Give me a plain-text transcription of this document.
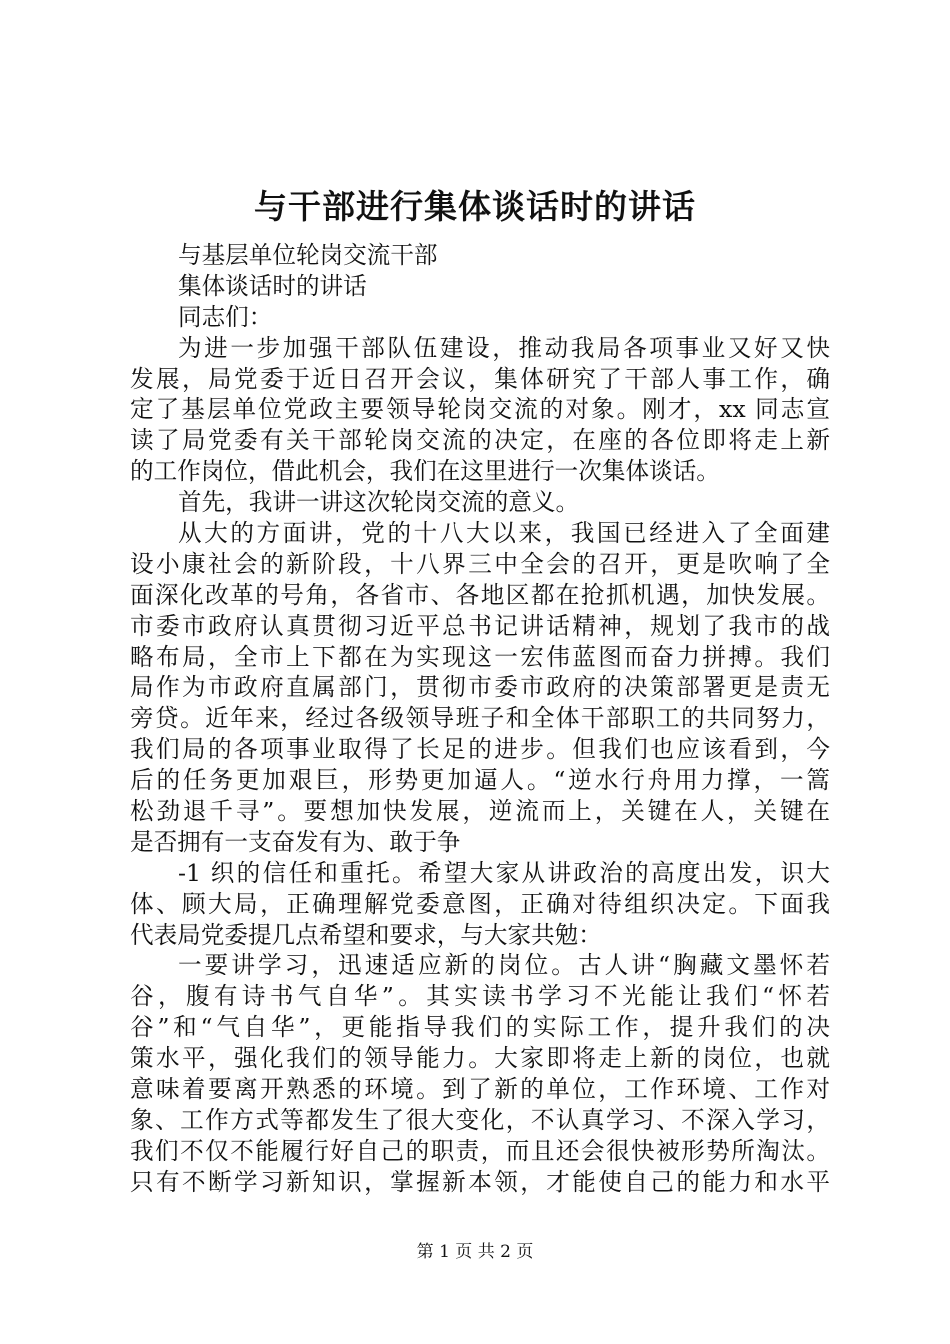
与干部进行集体谈话时的讲话
与基层单位轮岗交流干部
集体谈话时的讲话
同志们：
为进一步加强干部队伍建设，推动我局各项事业又好又快
发展，局党委于近日召开会议，集体研究了干部人事工作，确
定了基层单位党政主要领导轮岗交流的对象。刚才，xx 同志宣
读了局党委有关干部轮岗交流的决定，在座的各位即将走上新
的工作岗位，借此机会，我们在这里进行一次集体谈话。
首先，我讲一讲这次轮岗交流的意义。
从大的方面讲，党的十八大以来，我国已经进入了全面建
设小康社会的新阶段，十八界三中全会的召开，更是吹响了全
面深化改革的号角，各省市、各地区都在抢抓机遇，加快发展。
市委市政府认真贯彻习近平总书记讲话精神，规划了我市的战
略布局，全市上下都在为实现这一宏伟蓝图而奋力拼搏。我们
局作为市政府直属部门，贯彻市委市政府的决策部署更是责无
旁贷。近年来，经过各级领导班子和全体干部职工的共同努力，
我们局的各项事业取得了长足的进步。但我们也应该看到，今
后的任务更加艰巨，形势更加逼人。“逆水行舟用力撑，一篙
松劲退千寻”。要想加快发展，逆流而上，关键在人，关键在
是否拥有一支奋发有为、敢于争
-1 织的信任和重托。希望大家从讲政治的高度出发，识大
体、顾大局，正确理解党委意图，正确对待组织决定。下面我
代表局党委提几点希望和要求，与大家共勉：
一要讲学习，迅速适应新的岗位。古人讲“胸藏文墨怀若
谷，腹有诗书气自华”。其实读书学习不光能让我们“怀若
谷”和“气自华”，更能指导我们的实际工作，提升我们的决
策水平，强化我们的领导能力。大家即将走上新的岗位，也就
意味着要离开熟悉的环境。到了新的单位，工作环境、工作对
象、工作方式等都发生了很大变化，不认真学习、不深入学习，
我们不仅不能履行好自己的职责，而且还会很快被形势所淘汰。
只有不断学习新知识，掌握新本领，才能使自己的能力和水平
第 1 页 共 2 页
